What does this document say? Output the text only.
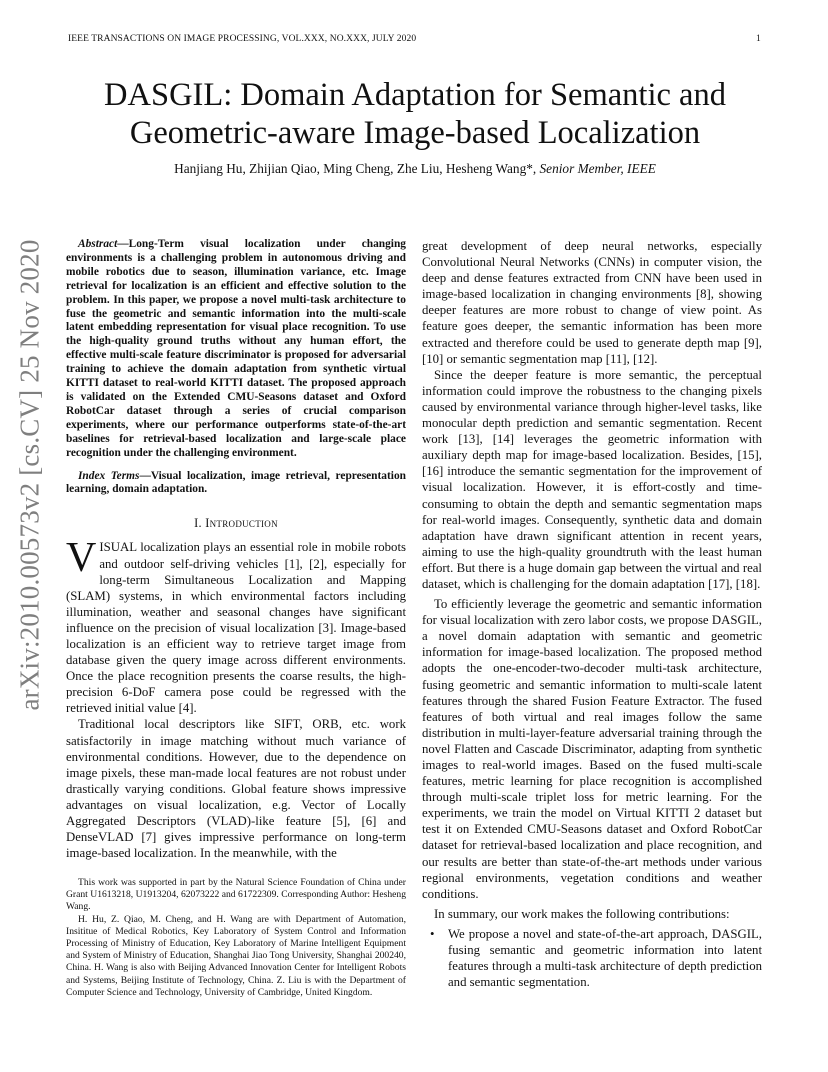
IEEE TRANSACTIONS ON IMAGE PROCESSING, VOL.XXX, NO.XXX, JULY 2020	1
arXiv:2010.00573v2 [cs.CV] 25 Nov 2020
DASGIL: Domain Adaptation for Semantic and Geometric-aware Image-based Localization
Hanjiang Hu, Zhijian Qiao, Ming Cheng, Zhe Liu, Hesheng Wang*, Senior Member, IEEE

Abstract—Long-Term visual localization under changing environments is a challenging problem in autonomous driving and mobile robotics due to season, illumination variance, etc. Image retrieval for localization is an efficient and effective solution to the problem. In this paper, we propose a novel multi-task architecture to fuse the geometric and semantic information into the multi-scale latent embedding representation for visual place recognition. To use the high-quality ground truths without any human effort, the effective multi-scale feature discriminator is proposed for adversarial training to achieve the domain adaptation from synthetic virtual KITTI dataset to real-world KITTI dataset. The proposed approach is validated on the Extended CMU-Seasons dataset and Oxford RobotCar dataset through a series of crucial comparison experiments, where our performance outperforms state-of-the-art baselines for retrieval-based localization and large-scale place recognition under the challenging environment.

Index Terms—Visual localization, image retrieval, representation learning, domain adaptation.

I. Introduction

VISUAL localization plays an essential role in mobile robots and outdoor self-driving vehicles [1], [2], especially for long-term Simultaneous Localization and Mapping (SLAM) systems, in which environmental factors including illumination, weather and seasonal changes have significant influence on the precision of visual localization [3]. Image-based localization is an efficient way to retrieve target image from database given the query image across different environments. Once the place recognition presents the coarse results, the high-precision 6-DoF camera pose could be regressed with the retrieved initial value [4].

Traditional local descriptors like SIFT, ORB, etc. work satisfactorily in image matching without much variance of environmental conditions. However, due to the dependence on image pixels, these man-made local features are not robust under drastically varying conditions. Global feature shows impressive advantages on visual localization, e.g. Vector of Locally Aggregated Descriptors (VLAD)-like feature [5], [6] and DenseVLAD [7] gives impressive performance on long-term image-based localization. In the meanwhile, with the

This work was supported in part by the Natural Science Foundation of China under Grant U1613218, U1913204, 62073222 and 61722309. Corresponding Author: Hesheng Wang.

H. Hu, Z. Qiao, M. Cheng, and H. Wang are with Department of Automation, Insititue of Medical Robotics, Key Laboratory of System Control and Information Processing of Ministry of Education, Key Laboratory of Marine Intelligent Equipment and System of Ministry of Education, Shanghai Jiao Tong University, Shanghai 200240, China. H. Wang is also with Beijing Advanced Innovation Center for Intelligent Robots and Systems, Beijing Institute of Technology, China. Z. Liu is with the Department of Computer Science and Technology, University of Cambridge, United Kingdom.

great development of deep neural networks, especially Convolutional Neural Networks (CNNs) in computer vision, the deep and dense features extracted from CNN have been used in image-based localization in changing environments [8], showing deeper features are more robust to change of view point. As feature goes deeper, the semantic information has been more extracted and therefore could be used to generate depth map [9], [10] or semantic segmentation map [11], [12].

Since the deeper feature is more semantic, the perceptual information could improve the robustness to the changing pixels caused by environmental variance through higher-level tasks, like monocular depth prediction and semantic segmentation. Recent work [13], [14] leverages the geometric information with auxiliary depth map for image-based localization. Besides, [15], [16] introduce the semantic segmentation for the improvement of visual localization. However, it is effort-costly and time-consuming to obtain the depth and semantic segmentation maps for real-world images. Consequently, synthetic data and domain adaptation have drawn significant attention in recent years, aiming to use the high-quality groundtruth with the least human effort. But there is a huge domain gap between the virtual and real dataset, which is challenging for the domain adaptation [17], [18].

To efficiently leverage the geometric and semantic information for visual localization with zero labor costs, we propose DASGIL, a novel domain adaptation with semantic and geometric information for image-based localization. The proposed method adopts the one-encoder-two-decoder multi-task architecture, fusing geometric and semantic information to multi-scale latent features through the shared Fusion Feature Extractor. The fused features of both virtual and real images follow the same distribution in multi-layer-feature adversarial training through the novel Flatten and Cascade Discriminator, adapting from synthetic images to real-world images. Based on the fused multi-scale features, metric learning for place recognition is accomplished through multi-scale triplet loss for metric learning. For the experiments, we train the model on Virtual KITTI 2 dataset but test it on Extended CMU-Seasons dataset and Oxford RobotCar dataset for retrieval-based localization and place recognition, and our results are better than state-of-the-art methods under various regional environments, vegetation conditions and weather conditions.

In summary, our work makes the following contributions:

• We propose a novel and state-of-the-art approach, DASGIL, fusing semantic and geometric information into latent features through a multi-task architecture of depth prediction and semantic segmentation.
